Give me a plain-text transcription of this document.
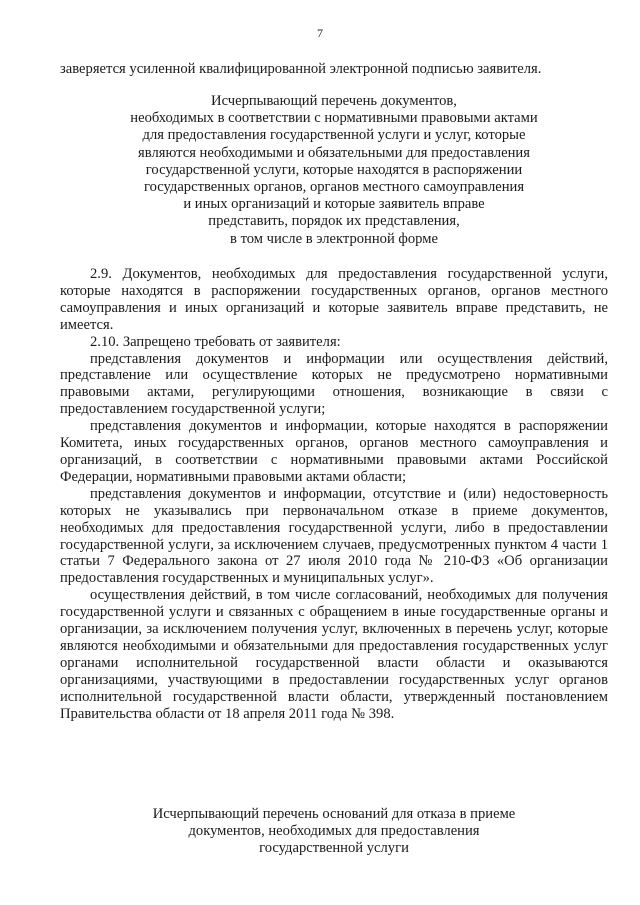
7
заверяется усиленной квалифицированной электронной подписью заявителя.
Исчерпывающий перечень документов,
необходимых в соответствии с нормативными правовыми актами
для предоставления государственной услуги и услуг, которые
являются необходимыми и обязательными для предоставления
государственной услуги, которые находятся в распоряжении
государственных органов, органов местного самоуправления
и иных организаций и которые заявитель вправе
представить, порядок их представления,
в том числе в электронной форме

2.9. Документов, необходимых для предоставления государственной услуги, которые находятся в распоряжении государственных органов, органов местного самоуправления и иных организаций и которые заявитель вправе представить, не имеется.

2.10. Запрещено требовать от заявителя:

представления документов и информации или осуществления действий, представление или осуществление которых не предусмотрено нормативными правовыми актами, регулирующими отношения, возникающие в связи с предоставлением государственной услуги;

представления документов и информации, которые находятся в распоряжении Комитета, иных государственных органов, органов местного самоуправления и организаций, в соответствии с нормативными правовыми актами Российской Федерации, нормативными правовыми актами области;

представления документов и информации, отсутствие и (или) недостоверность которых не указывались при первоначальном отказе в приеме документов, необходимых для предоставления государственной услуги, либо в предоставлении государственной услуги, за исключением случаев, предусмотренных пунктом 4 части 1 статьи 7 Федерального закона от 27 июля 2010 года № 210-ФЗ «Об организации предоставления государственных и муниципальных услуг».

осуществления действий, в том числе согласований, необходимых для получения государственной услуги и связанных с обращением в иные государственные органы и организации, за исключением получения услуг, включенных в перечень услуг, которые являются необходимыми и обязательными для предоставления государственных услуг органами исполнительной государственной власти области и оказываются организациями, участвующими в предоставлении государственных услуг органов исполнительной государственной власти области, утвержденный постановлением Правительства области от 18 апреля 2011 года № 398.

Исчерпывающий перечень оснований для отказа в приеме
документов, необходимых для предоставления
государственной услуги
